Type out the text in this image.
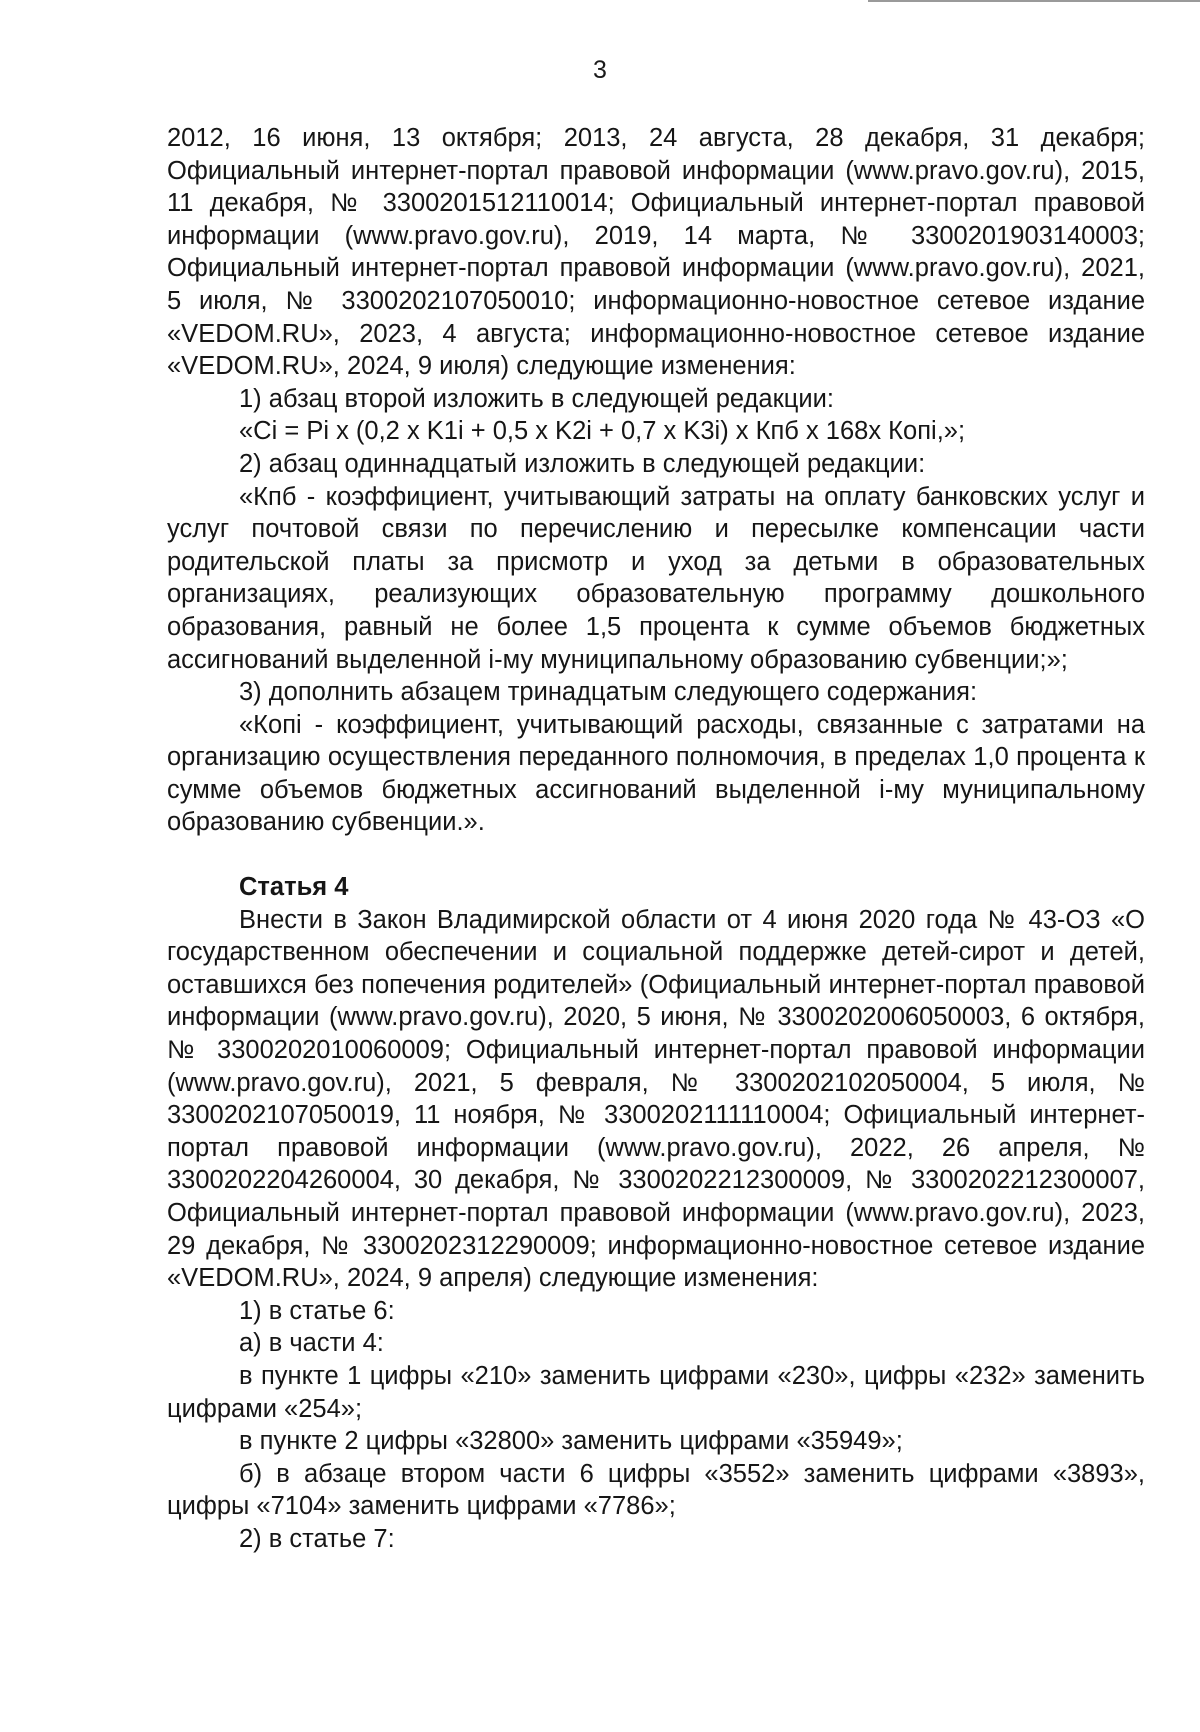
3

2012, 16 июня, 13 октября; 2013, 24 августа, 28 декабря, 31 декабря; Официальный интернет-портал правовой информации (www.pravo.gov.ru), 2015, 11 декабря, № 3300201512110014; Официальный интернет-портал правовой информации (www.pravo.gov.ru), 2019, 14 марта, № 3300201903140003; Официальный интернет-портал правовой информации (www.pravo.gov.ru), 2021, 5 июля, № 3300202107050010; информационно-новостное сетевое издание «VEDOM.RU», 2023, 4 августа; информационно-новостное сетевое издание «VEDOM.RU», 2024, 9 июля) следующие изменения:

1) абзац второй изложить в следующей редакции:

«Ci = Pi x (0,2 x K1i + 0,5 x K2i + 0,7 x K3i) x Кпб x 168x Копi,»;

2) абзац одиннадцатый изложить в следующей редакции:

«Кпб - коэффициент, учитывающий затраты на оплату банковских услуг и услуг почтовой связи по перечислению и пересылке компенсации части родительской платы за присмотр и уход за детьми в образовательных организациях, реализующих образовательную программу дошкольного образования, равный не более 1,5 процента к сумме объемов бюджетных ассигнований выделенной i-му муниципальному образованию субвенции;»;

3) дополнить абзацем тринадцатым следующего содержания:

«Копi - коэффициент, учитывающий расходы, связанные с затратами на организацию осуществления переданного полномочия, в пределах 1,0 процента к сумме объемов бюджетных ассигнований выделенной i-му муниципальному образованию субвенции.».

Статья 4

Внести в Закон Владимирской области от 4 июня 2020 года № 43-ОЗ «О государственном обеспечении и социальной поддержке детей-сирот и детей, оставшихся без попечения родителей» (Официальный интернет-портал правовой информации (www.pravo.gov.ru), 2020, 5 июня, № 3300202006050003, 6 октября, № 3300202010060009; Официальный интернет-портал правовой информации (www.pravo.gov.ru), 2021, 5 февраля, № 3300202102050004, 5 июля, № 3300202107050019, 11 ноября, № 3300202111110004; Официальный интернет-портал правовой информации (www.pravo.gov.ru), 2022, 26 апреля, № 3300202204260004, 30 декабря, № 3300202212300009, № 3300202212300007, Официальный интернет-портал правовой информации (www.pravo.gov.ru), 2023, 29 декабря, № 3300202312290009; информационно-новостное сетевое издание «VEDOM.RU», 2024, 9 апреля) следующие изменения:

1) в статье 6:

а) в части 4:

в пункте 1 цифры «210» заменить цифрами «230», цифры «232» заменить цифрами «254»;

в пункте 2 цифры «32800» заменить цифрами «35949»;

б) в абзаце втором части 6 цифры «3552» заменить цифрами «3893», цифры «7104» заменить цифрами «7786»;

2) в статье 7:
